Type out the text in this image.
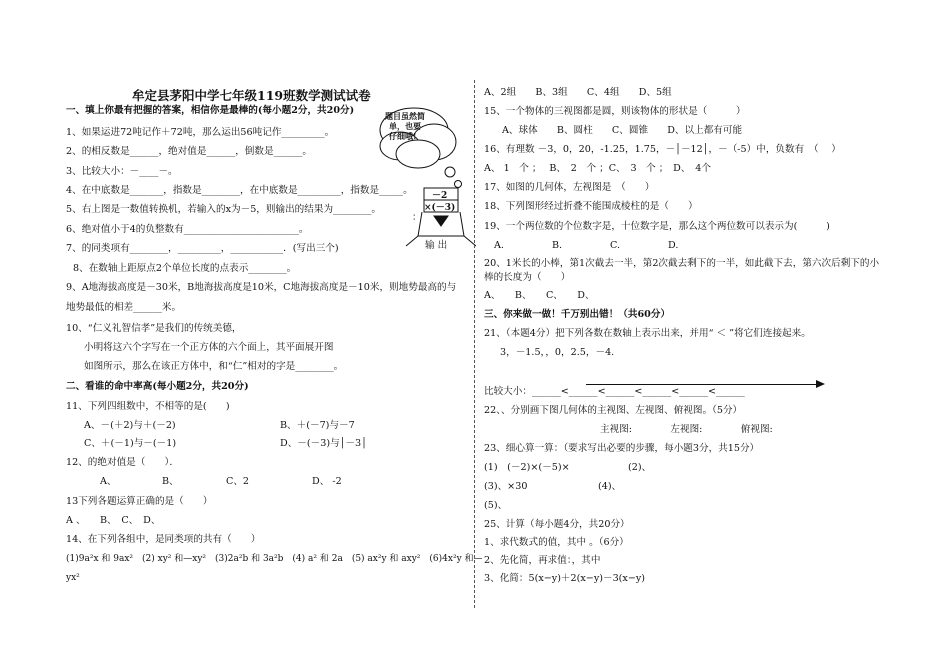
牟定县茅阳中学七年级119班数学测试试卷
一、填上你最有把握的答案，相信你是最棒的(每小题2分，共20分)
1、如果运进72吨记作＋72吨，那么运出56吨记作_________。
2、的相反数是______，绝对值是______，倒数是______。
3、比较大小：－____－。
4、在中底数是_______，指数是________，在中底数是_________，指数是_____。
5、右上图是一数值转换机，若输入的x为－5，则输出的结果为________。
6、绝对值小于4的负整数有________________________。
7、的同类项有________，_________，___________．(写出三个)
8、在数轴上距原点2个单位长度的点表示________。
9、A地海拔高度是－30米，B地海拔高度是10米，C地海拔高度是－10米，则地势最高的与
地势最低的相差______米。
10、“仁义礼智信孝”是我们的传统美德，
小明将这六个字写在一个正方体的六个面上，其平面展开图
如图所示，那么在该正方体中，和“仁”相对的字是________。
二、看谁的命中率高(每小题2分，共20分)
11、下列四组数中，不相等的是(　　)
A、－(＋2)与＋(－2)	B、＋(－7)与－7
C、＋(－1)与－(－1)	D、－(－3)与│－3│
12、的绝对值是（　　）．
A、	B、	C、2	D、 -2
13下列各题运算正确的是（　　）
A 、　　B、　C、　D、
14、在下列各组中，是同类项的共有（　　）
(1)9a²x 和 9ax²　(2) xy² 和—xy²　(3)2a²b 和 3a²b　(4) a² 和 2a　(5) ax²y 和 axy²　(6)4x²y 和—
yx²
题目虽然简
单，也要
仔细哦!
－2
×(－3)
：
输 出
A、2组　　B、3组　　C、4组　　D、5组
15、一个物体的三视图都是圆，则该物体的形状是（　　　）
A、球体　　B、圆柱　　C、圆锥　　D、以上都有可能
16、有理数 －3，0，20，-1.25，1.75，－│－12│，－（-5）中，负数有　（　 ）
A、 1　个 ；　 B、　2　个 ；C、　3　个 ；　D、　4个
17、如图的几何体，左视图是　（　　）
18、下列图形经过折叠不能围成棱柱的是（　　）
19、一个两位数的个位数字是，十位数字是，那么这个两位数可以表示为(　　　)
A.　　　　　B.　　　　　C.　　　　　D.
20、1米长的小棒，第1次截去一半，第2次截去剩下的一半，如此截下去，第六次后剩下的小
棒的长度为（　　）
A、　　B、　　C、　　D、
三、你来做一做！千万别出错！（共60分）
21、（本题4分）把下列各数在数轴上表示出来，并用“ ＜ ”将它们连接起来。
3，－1.5，，0，2.5，－4.
比较大小：______<______<______<______<______<______
22、、分别画下图几何体的主视图、左视图、俯视图。（5分）
主视图:　　　　左视图:　　　　俯视图:
23、细心算一算：（要求写出必要的步骤，每小题3分，共15分）
(1)　(－2)×(－5)×	(2)、
(3)、×30	(4)、
(5)、
25、计算（每小题4分，共20分）
1、求代数式的值，其中 。（6分）
2、先化简，再求值：，其中
3、化简：5(x−y)＋2(x−y)－3(x−y)
